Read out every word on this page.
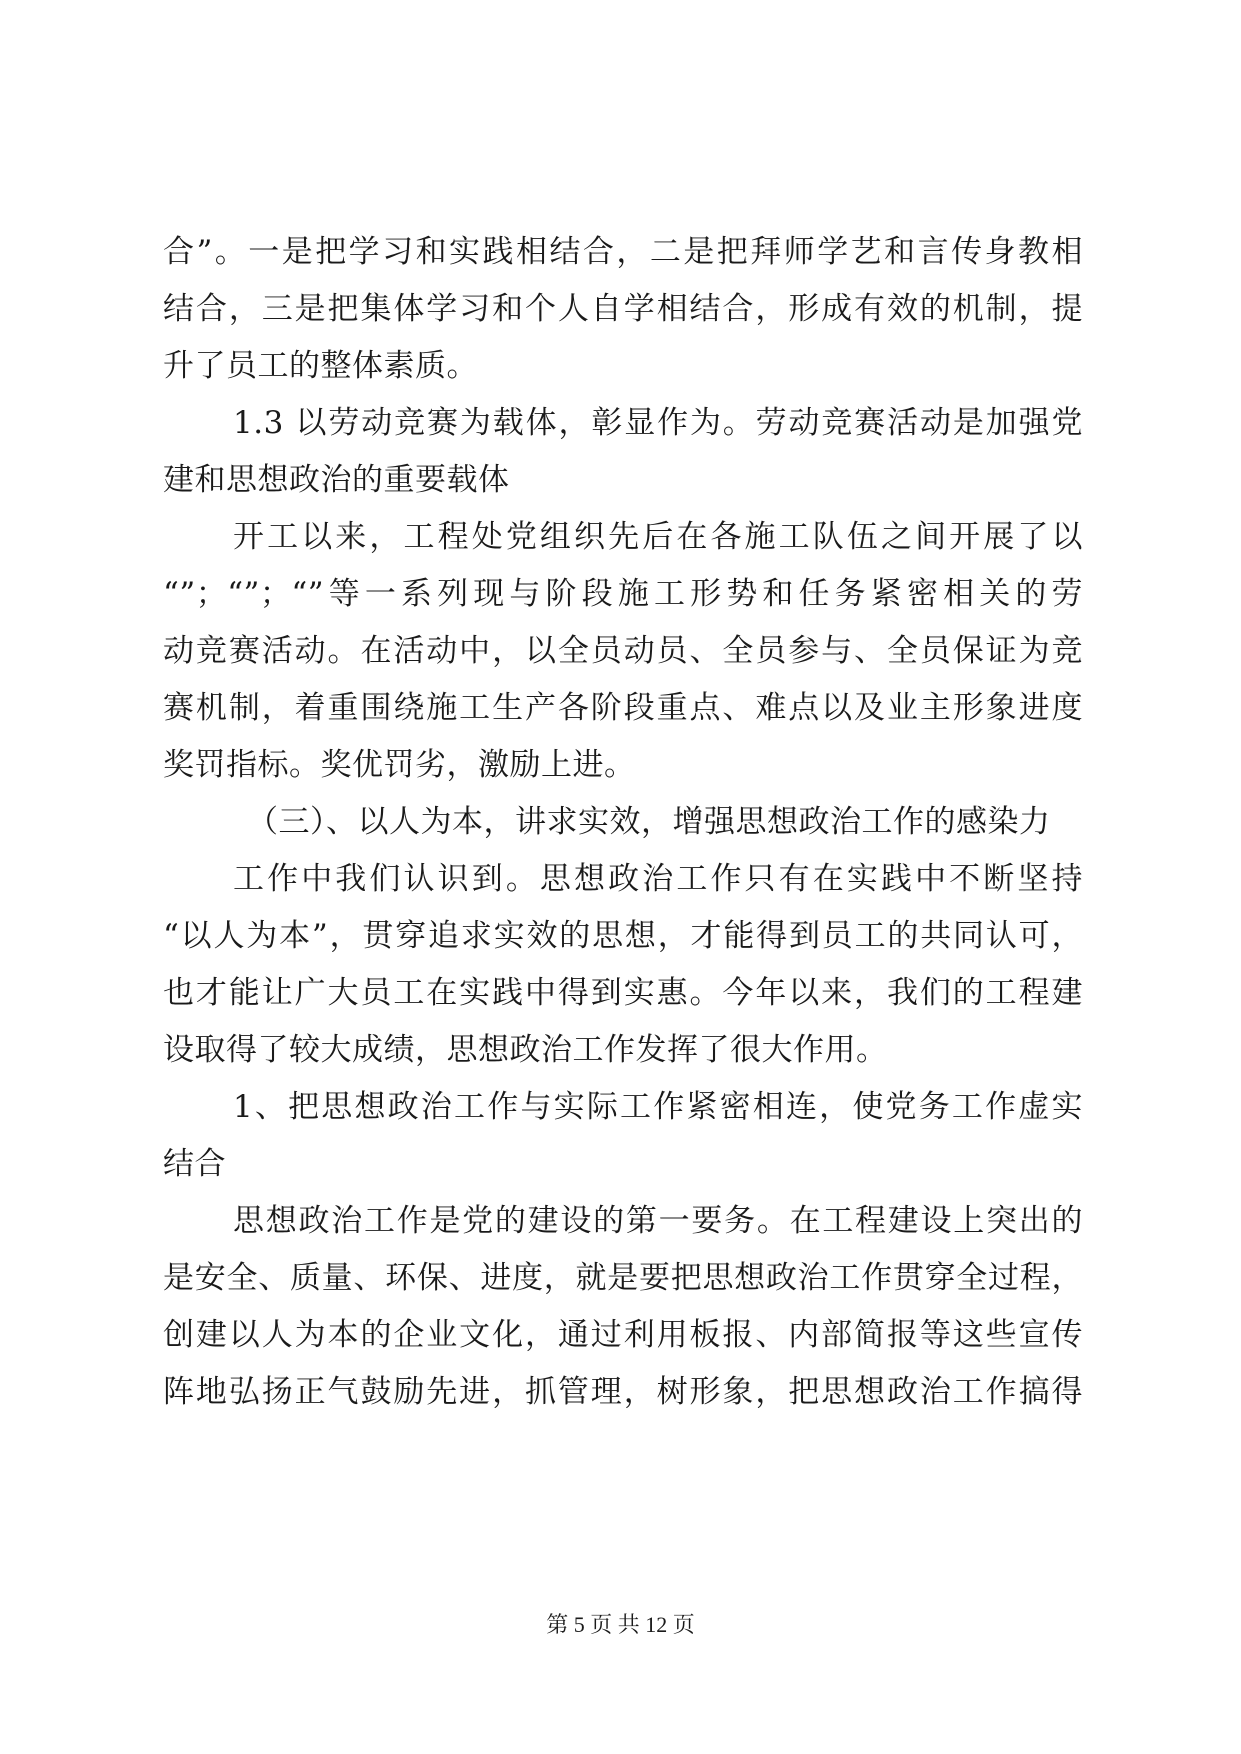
合”。一是把学习和实践相结合，二是把拜师学艺和言传身教相
结合，三是把集体学习和个人自学相结合，形成有效的机制，提
升了员工的整体素质。
1.3 以劳动竞赛为载体，彰显作为。劳动竞赛活动是加强党
建和思想政治的重要载体
开工以来，工程处党组织先后在各施工队伍之间开展了以
“”；“”；“”等一系列现与阶段施工形势和任务紧密相关的劳
动竞赛活动。在活动中，以全员动员、全员参与、全员保证为竞
赛机制，着重围绕施工生产各阶段重点、难点以及业主形象进度
奖罚指标。奖优罚劣，激励上进。
（三）、以人为本，讲求实效，增强思想政治工作的感染力
工作中我们认识到。思想政治工作只有在实践中不断坚持
“以人为本”，贯穿追求实效的思想，才能得到员工的共同认可，
也才能让广大员工在实践中得到实惠。今年以来，我们的工程建
设取得了较大成绩，思想政治工作发挥了很大作用。
1、把思想政治工作与实际工作紧密相连，使党务工作虚实
结合
思想政治工作是党的建设的第一要务。在工程建设上突出的
是安全、质量、环保、进度，就是要把思想政治工作贯穿全过程，
创建以人为本的企业文化，通过利用板报、内部简报等这些宣传
阵地弘扬正气鼓励先进，抓管理，树形象，把思想政治工作搞得
第 5 页 共 12 页
